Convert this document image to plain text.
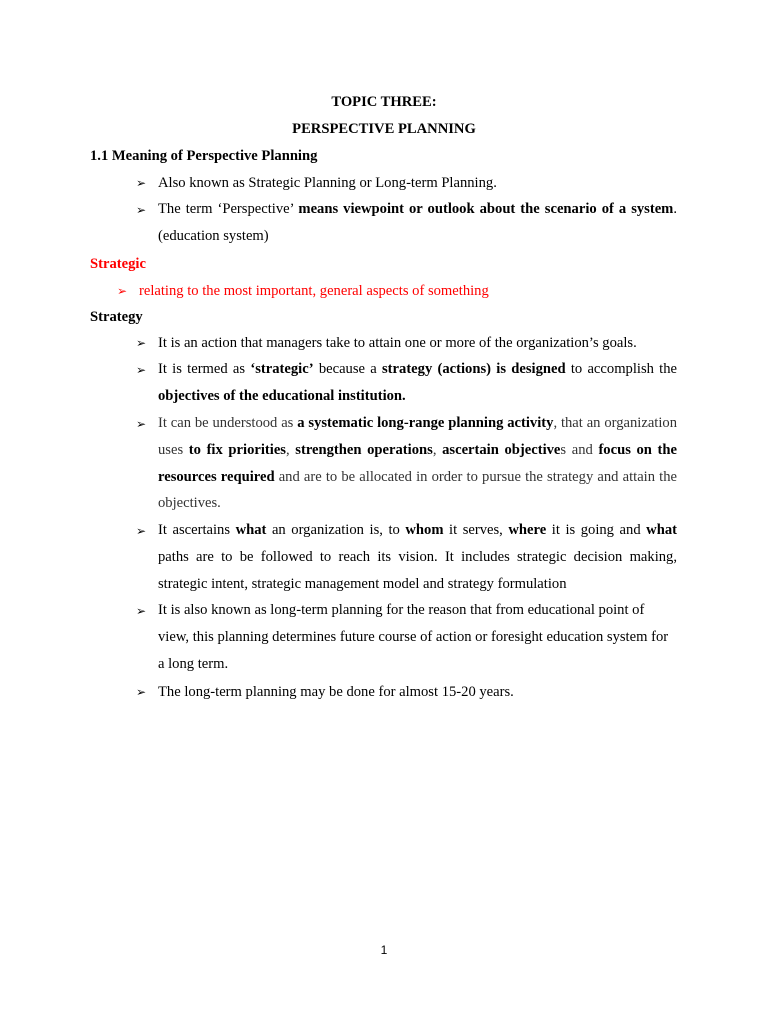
TOPIC THREE:
PERSPECTIVE PLANNING
1.1 Meaning of Perspective Planning
➢ Also known as Strategic Planning or Long-term Planning.
➢ The term ‘Perspective’ means viewpoint or outlook about the scenario of a system. (education system)

Strategic
➢ relating to the most important, general aspects of something
Strategy
➢ It is an action that managers take to attain one or more of the organization’s goals.
➢ It is termed as ‘strategic’ because a strategy (actions) is designed to accomplish the objectives of the educational institution.

➢ It can be understood as a systematic long-range planning activity, that an organization uses to fix priorities, strengthen operations, ascertain objectives and focus on the resources required and are to be allocated in order to pursue the strategy and attain the objectives.

➢ It ascertains what an organization is, to whom it serves, where it is going and what paths are to be followed to reach its vision. It includes strategic decision making, strategic intent, strategic management model and strategy formulation

➢ It is also known as long-term planning for the reason that from educational point of view, this planning determines future course of action or foresight education system for a long term.

➢ The long-term planning may be done for almost 15-20 years.
1
